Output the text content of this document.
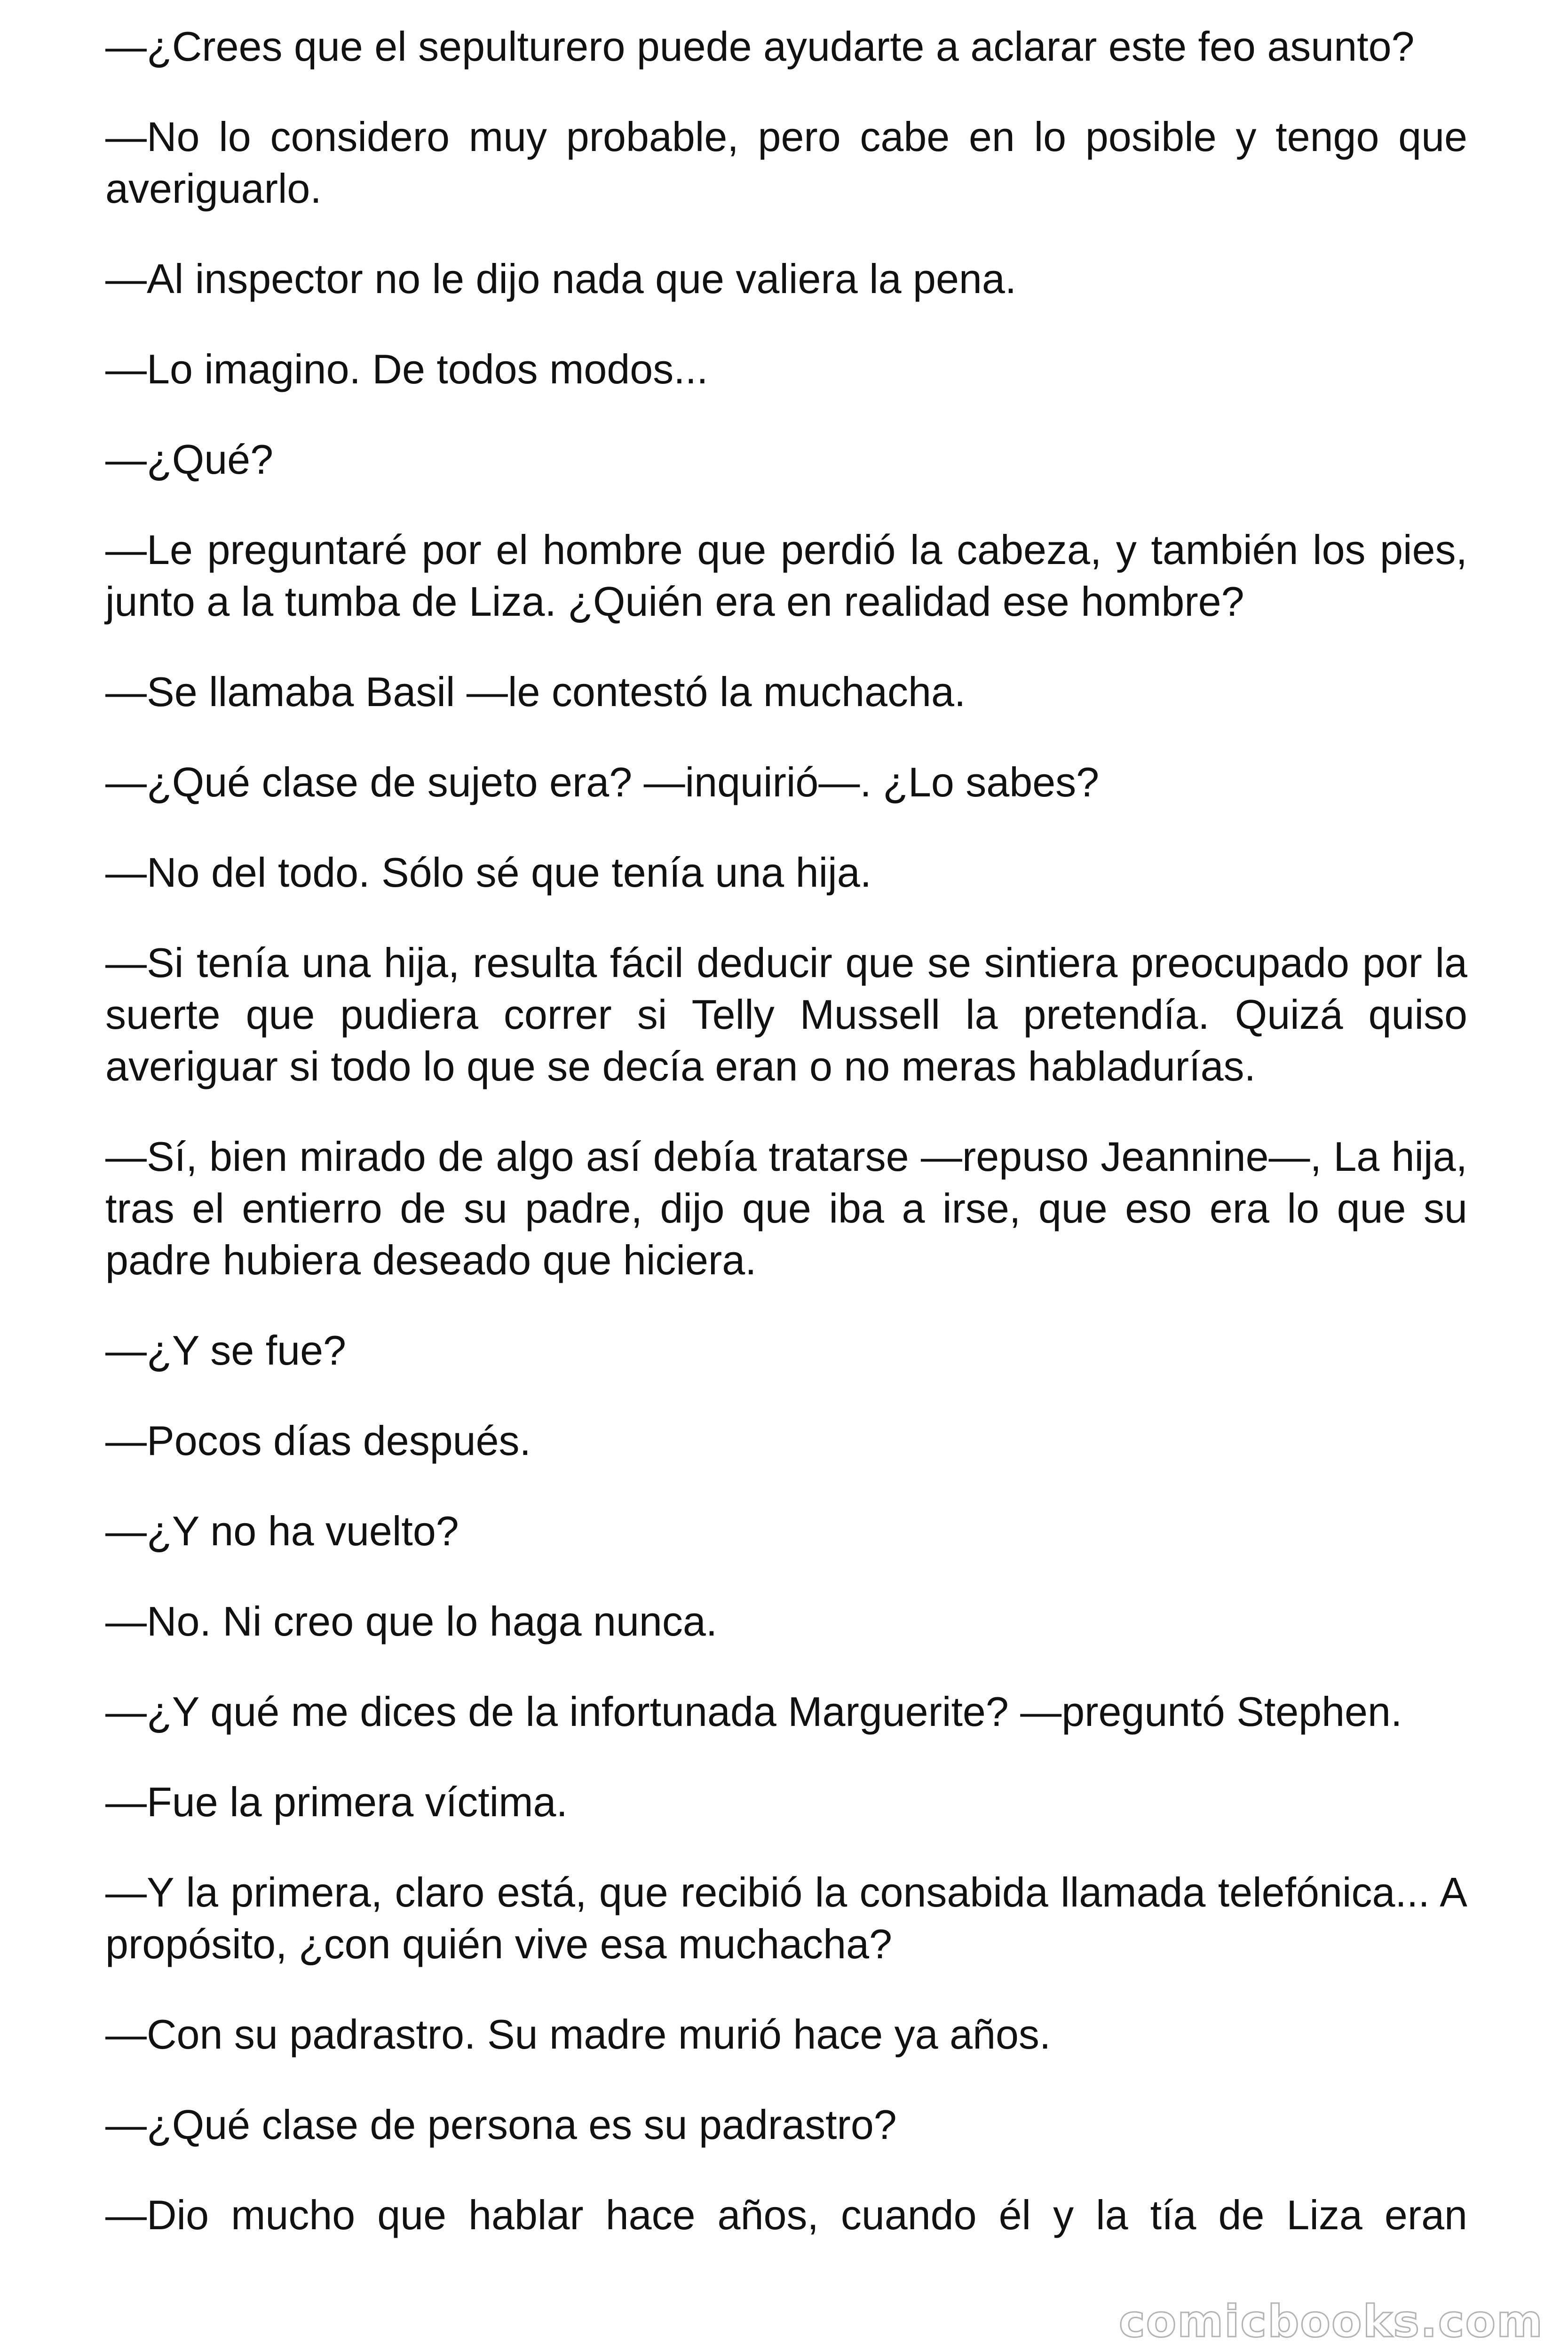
—¿Crees que el sepulturero puede ayudarte a aclarar este feo asunto?

—No lo considero muy probable, pero cabe en lo posible y tengo que averiguarlo.

—Al inspector no le dijo nada que valiera la pena.

—Lo imagino. De todos modos...

—¿Qué?

—Le preguntaré por el hombre que perdió la cabeza, y también los pies, junto a la tumba de Liza. ¿Quién era en realidad ese hombre?

—Se llamaba Basil —le contestó la muchacha.

—¿Qué clase de sujeto era? —inquirió—. ¿Lo sabes?

—No del todo. Sólo sé que tenía una hija.

—Si tenía una hija, resulta fácil deducir que se sintiera preocupado por la suerte que pudiera correr si Telly Mussell la pretendía. Quizá quiso averiguar si todo lo que se decía eran o no meras habladurías.

—Sí, bien mirado de algo así debía tratarse —repuso Jeannine—, La hija, tras el entierro de su padre, dijo que iba a irse, que eso era lo que su padre hubiera deseado que hiciera.

—¿Y se fue?

—Pocos días después.

—¿Y no ha vuelto?

—No. Ni creo que lo haga nunca.

—¿Y qué me dices de la infortunada Marguerite? —preguntó Stephen.

—Fue la primera víctima.

—Y la primera, claro está, que recibió la consabida llamada telefónica... A propósito, ¿con quién vive esa muchacha?

—Con su padrastro. Su madre murió hace ya años.

—¿Qué clase de persona es su padrastro?

—Dio mucho que hablar hace años, cuando él y la tía de Liza eran

comicbooks.com
